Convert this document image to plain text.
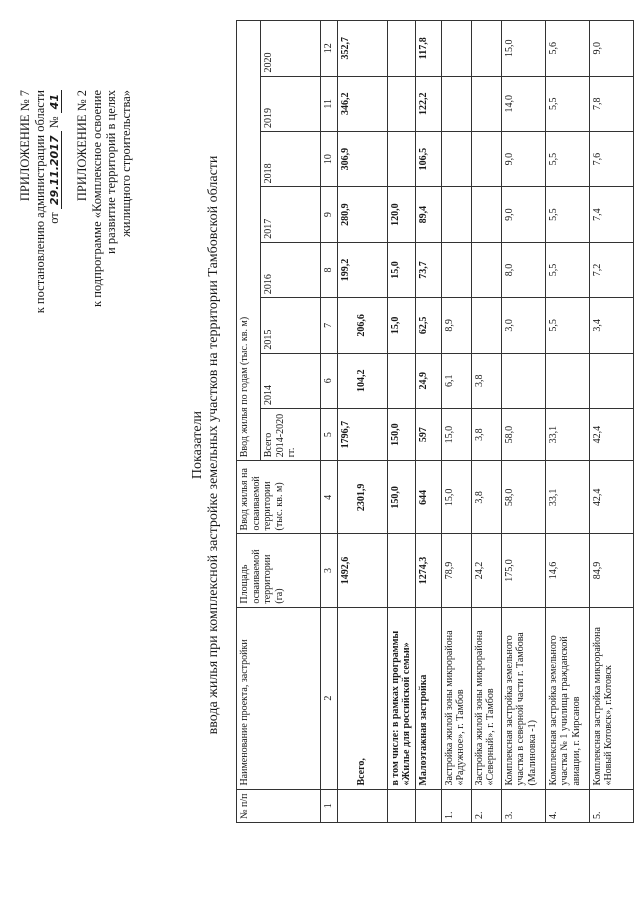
ПРИЛОЖЕНИЕ № 7 к постановлению администрации области от 29.11.2017 № 41 ПРИЛОЖЕНИЕ № 2 к подпрограмме «Комплексное освоение и развитие территорий в целях жилищного строительства»
Показатели ввода жилья при комплексной застройке земельных участков на территории Тамбовской области
№ п/п	Наименование проекта, застройки	Площадь осваиваемой территории (га)	Ввод жилья на осваиваемой территории (тыс. кв. м)	Ввод жилья по годам (тыс. кв. м)							
				Всего 2014-2020 гг.	2014	2015	2016	2017	2018	2019	2020
1	2	3	4	5	6	7	8	9	10	11	12
	Всего,	1492,6	2301,9	1796,7	104,2	206,6	199,2	280,9	306,9	346,2	352,7
	в том числе: в рамках программы «Жилье для российской семьи»		150,0	150,0		15,0	15,0	120,0			
	Малоэтажная застройка	1274,3	644	597	24,9	62,5	73,7	89,4	106,5	122,2	117,8
1.	Застройка жилой зоны микрорайона «Радужное», г. Тамбов	78,9	15,0	15,0	6,1	8,9					
2.	Застройка жилой зоны микрорайона «Северный», г. Тамбов	24,2	3,8	3,8	3,8						
3.	Комплексная застройка земельного участка в северной части г. Тамбова (Малиновка -1)	175,0	58,0	58,0		3,0	8,0	9,0	9,0	14,0	15,0
4.	Комплексная застройка земельного участка № 1 училища гражданской авиации, г. Кирсанов	14,6	33,1	33,1		5,5	5,5	5,5	5,5	5,5	5,6
5.	Комплексная застройка микрорайона «Новый Котовск», г.Котовск	84,9	42,4	42,4		3,4	7,2	7,4	7,6	7,8	9,0
